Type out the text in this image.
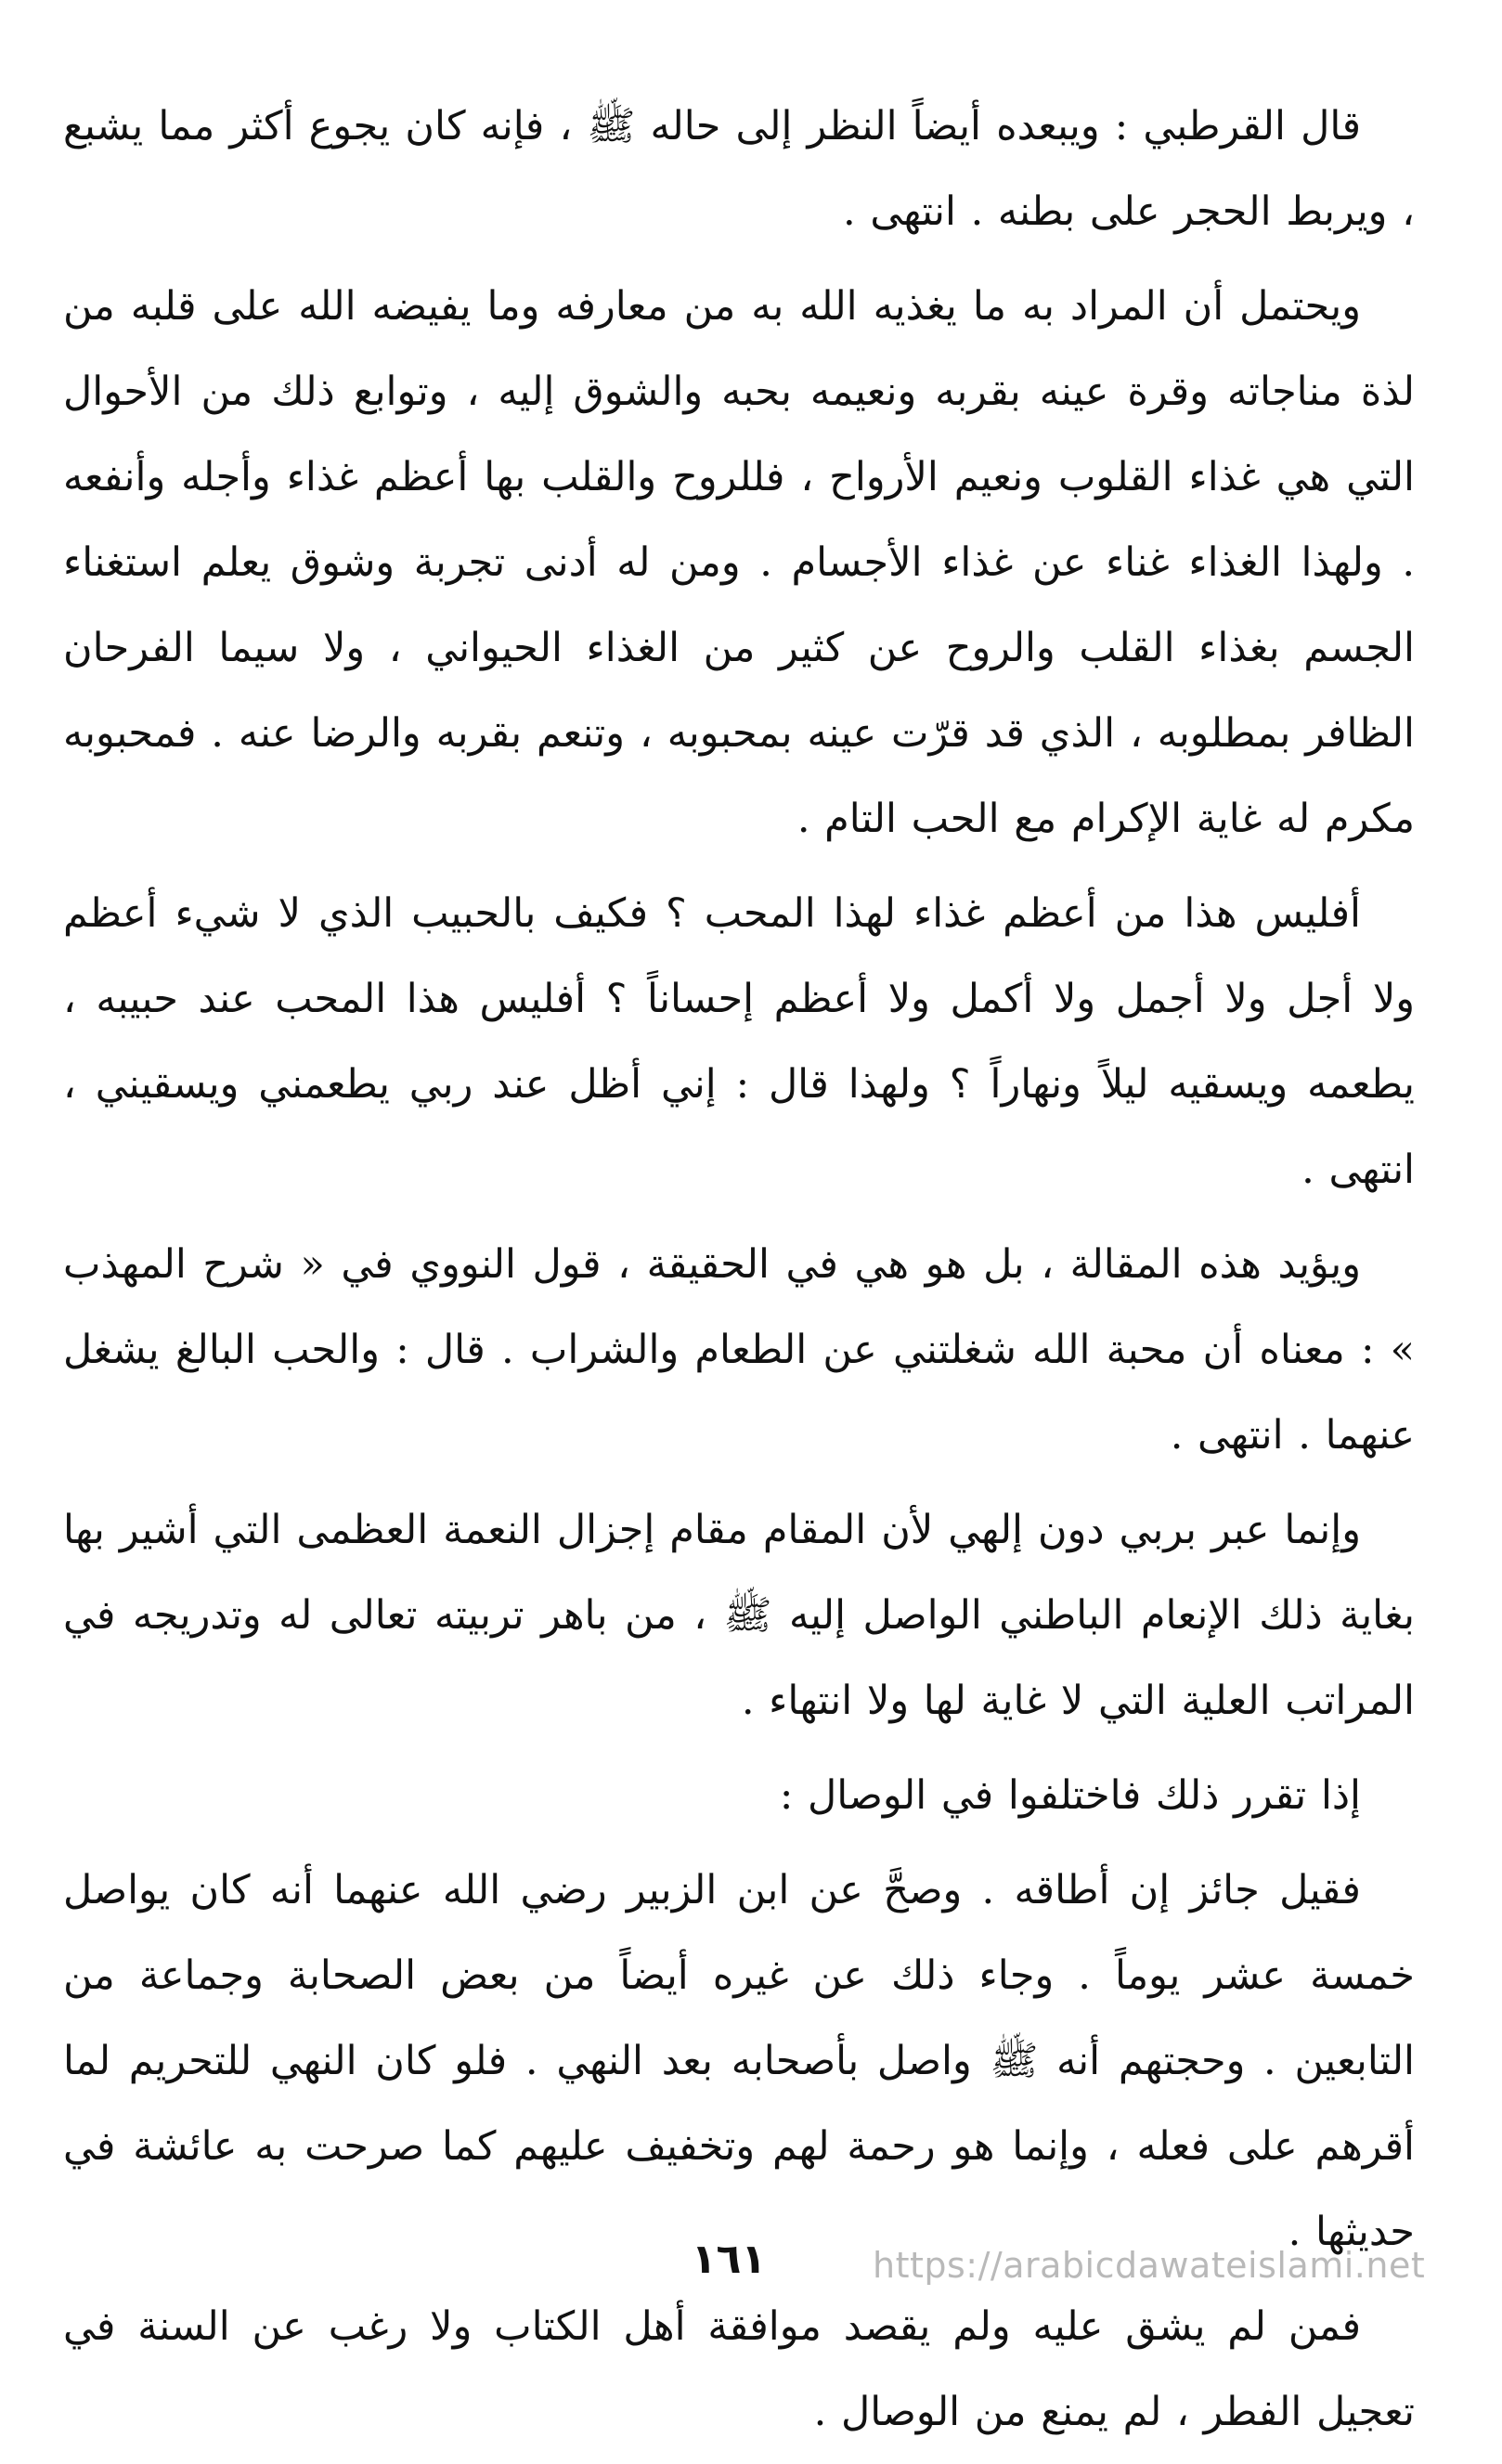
قال القرطبي : ويبعده أيضاً النظر إلى حاله ﷺ ، فإنه كان يجوع أكثر مما يشبع ، ويربط الحجر على بطنه . انتهى .

ويحتمل أن المراد به ما يغذيه الله به من معارفه وما يفيضه الله على قلبه من لذة مناجاته وقرة عينه بقربه ونعيمه بحبه والشوق إليه ، وتوابع ذلك من الأحوال التي هي غذاء القلوب ونعيم الأرواح ، فللروح والقلب بها أعظم غذاء وأجله وأنفعه . ولهذا الغذاء غناء عن غذاء الأجسام . ومن له أدنى تجربة وشوق يعلم استغناء الجسم بغذاء القلب والروح عن كثير من الغذاء الحيواني ، ولا سيما الفرحان الظافر بمطلوبه ، الذي قد قرّت عينه بمحبوبه ، وتنعم بقربه والرضا عنه . فمحبوبه مكرم له غاية الإكرام مع الحب التام .

أفليس هذا من أعظم غذاء لهذا المحب ؟ فكيف بالحبيب الذي لا شيء أعظم ولا أجل ولا أجمل ولا أكمل ولا أعظم إحساناً ؟ أفليس هذا المحب عند حبيبه ، يطعمه ويسقيه ليلاً ونهاراً ؟ ولهذا قال : إني أظل عند ربي يطعمني ويسقيني ، انتهى .

ويؤيد هذه المقالة ، بل هو هي في الحقيقة ، قول النووي في « شرح المهذب » : معناه أن محبة الله شغلتني عن الطعام والشراب . قال : والحب البالغ يشغل عنهما . انتهى .

وإنما عبر بربي دون إلهي لأن المقام مقام إجزال النعمة العظمى التي أشير بها بغاية ذلك الإنعام الباطني الواصل إليه ﷺ ، من باهر تربيته تعالى له وتدريجه في المراتب العلية التي لا غاية لها ولا انتهاء .

إذا تقرر ذلك فاختلفوا في الوصال :

فقيل جائز إن أطاقه . وصحَّ عن ابن الزبير رضي الله عنهما أنه كان يواصل خمسة عشر يوماً . وجاء ذلك عن غيره أيضاً من بعض الصحابة وجماعة من التابعين . وحجتهم أنه ﷺ واصل بأصحابه بعد النهي . فلو كان النهي للتحريم لما أقرهم على فعله ، وإنما هو رحمة لهم وتخفيف عليهم كما صرحت به عائشة في حديثها .

فمن لم يشق عليه ولم يقصد موافقة أهل الكتاب ولا رغب عن السنة في تعجيل الفطر ، لم يمنع من الوصال .

١٦١	https://arabicdawateislami.net
